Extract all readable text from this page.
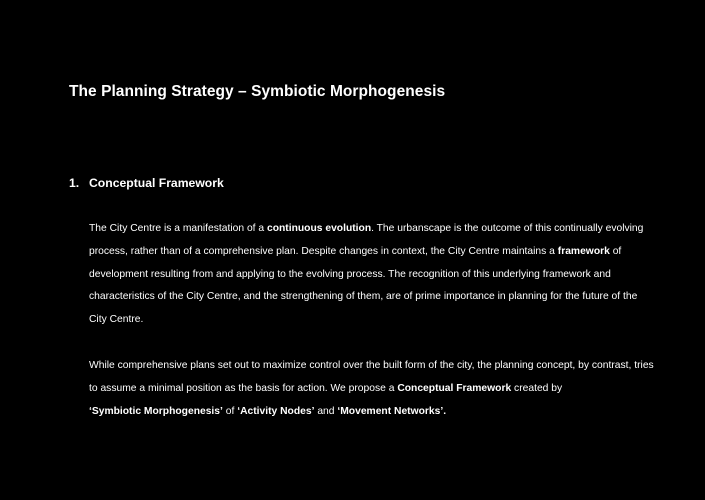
The Planning Strategy – Symbiotic Morphogenesis
1. Conceptual Framework

The City Centre is a manifestation of a continuous evolution. The urbanscape is the outcome of this continually evolving
process, rather than of a comprehensive plan. Despite changes in context, the City Centre maintains a framework of
development resulting from and applying to the evolving process. The recognition of this underlying framework and
characteristics of the City Centre, and the strengthening of them, are of prime importance in planning for the future of the
City Centre.

While comprehensive plans set out to maximize control over the built form of the city, the planning concept, by contrast, tries
to assume a minimal position as the basis for action. We propose a Conceptual Framework created by
‘Symbiotic Morphogenesis’ of ‘Activity Nodes’ and ‘Movement Networks’.
